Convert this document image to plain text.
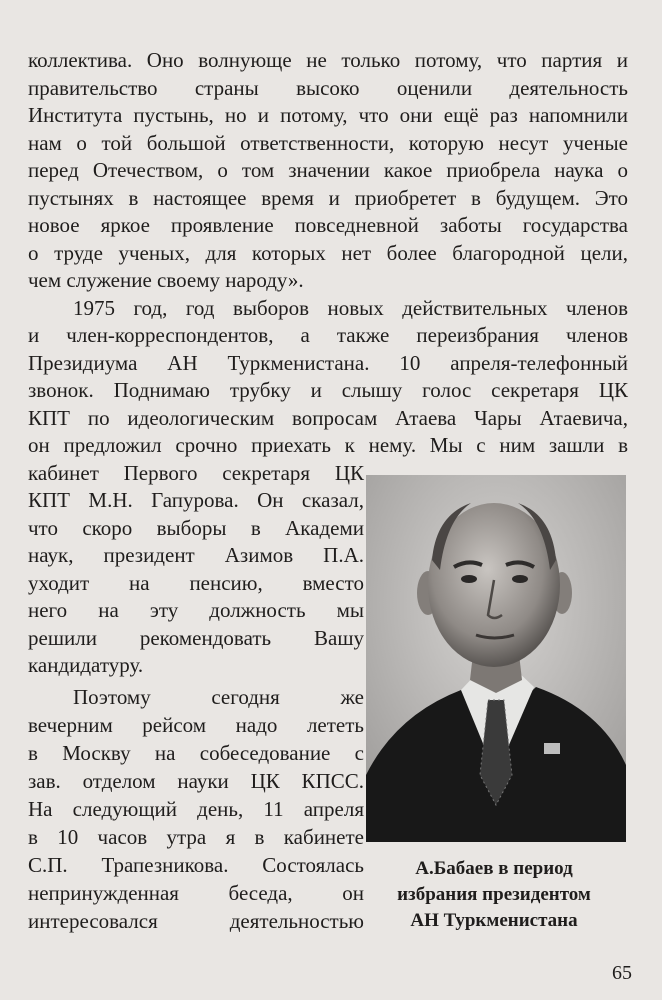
коллектива. Оно волнующе не только потому, что партия и
правительство страны высоко оценили деятельность
Института пустынь, но и потому, что они ещё раз напомнили
нам о той большой ответственности, которую несут ученые
перед Отечеством, о том значении какое приобрела наука о
пустынях в настоящее время и приобретет в будущем. Это
новое яркое проявление повседневной заботы государства
о труде ученых, для которых нет более благородной цели,
чем служение своему народу».
1975 год, год выборов новых действительных членов
и член-корреспондентов, а также переизбрания членов
Президиума АН Туркменистана. 10 апреля-телефонный
звонок. Поднимаю трубку и слышу голос секретаря ЦК
КПТ по идеологическим вопросам Атаева Чары Атаевича,
он предложил срочно приехать к нему. Мы с ним зашли в
кабинет Первого секретаря ЦК
КПТ М.Н. Гапурова. Он сказал,
что скоро выборы в Академи
наук, президент Азимов П.А.
уходит на пенсию, вместо
него на эту должность мы
решили рекомендовать Вашу
кандидатуру.
Поэтому сегодня же
вечерним рейсом надо лететь
в Москву на собеседование с
зав. отделом науки ЦК КПСС.
На следующий день, 11 апреля
в 10 часов утра я в кабинете
С.П. Трапезникова. Состоялась
непринужденная беседа, он
интересовался деятельностью
А.Бабаев в период
избрания президентом
АН Туркменистана
65
